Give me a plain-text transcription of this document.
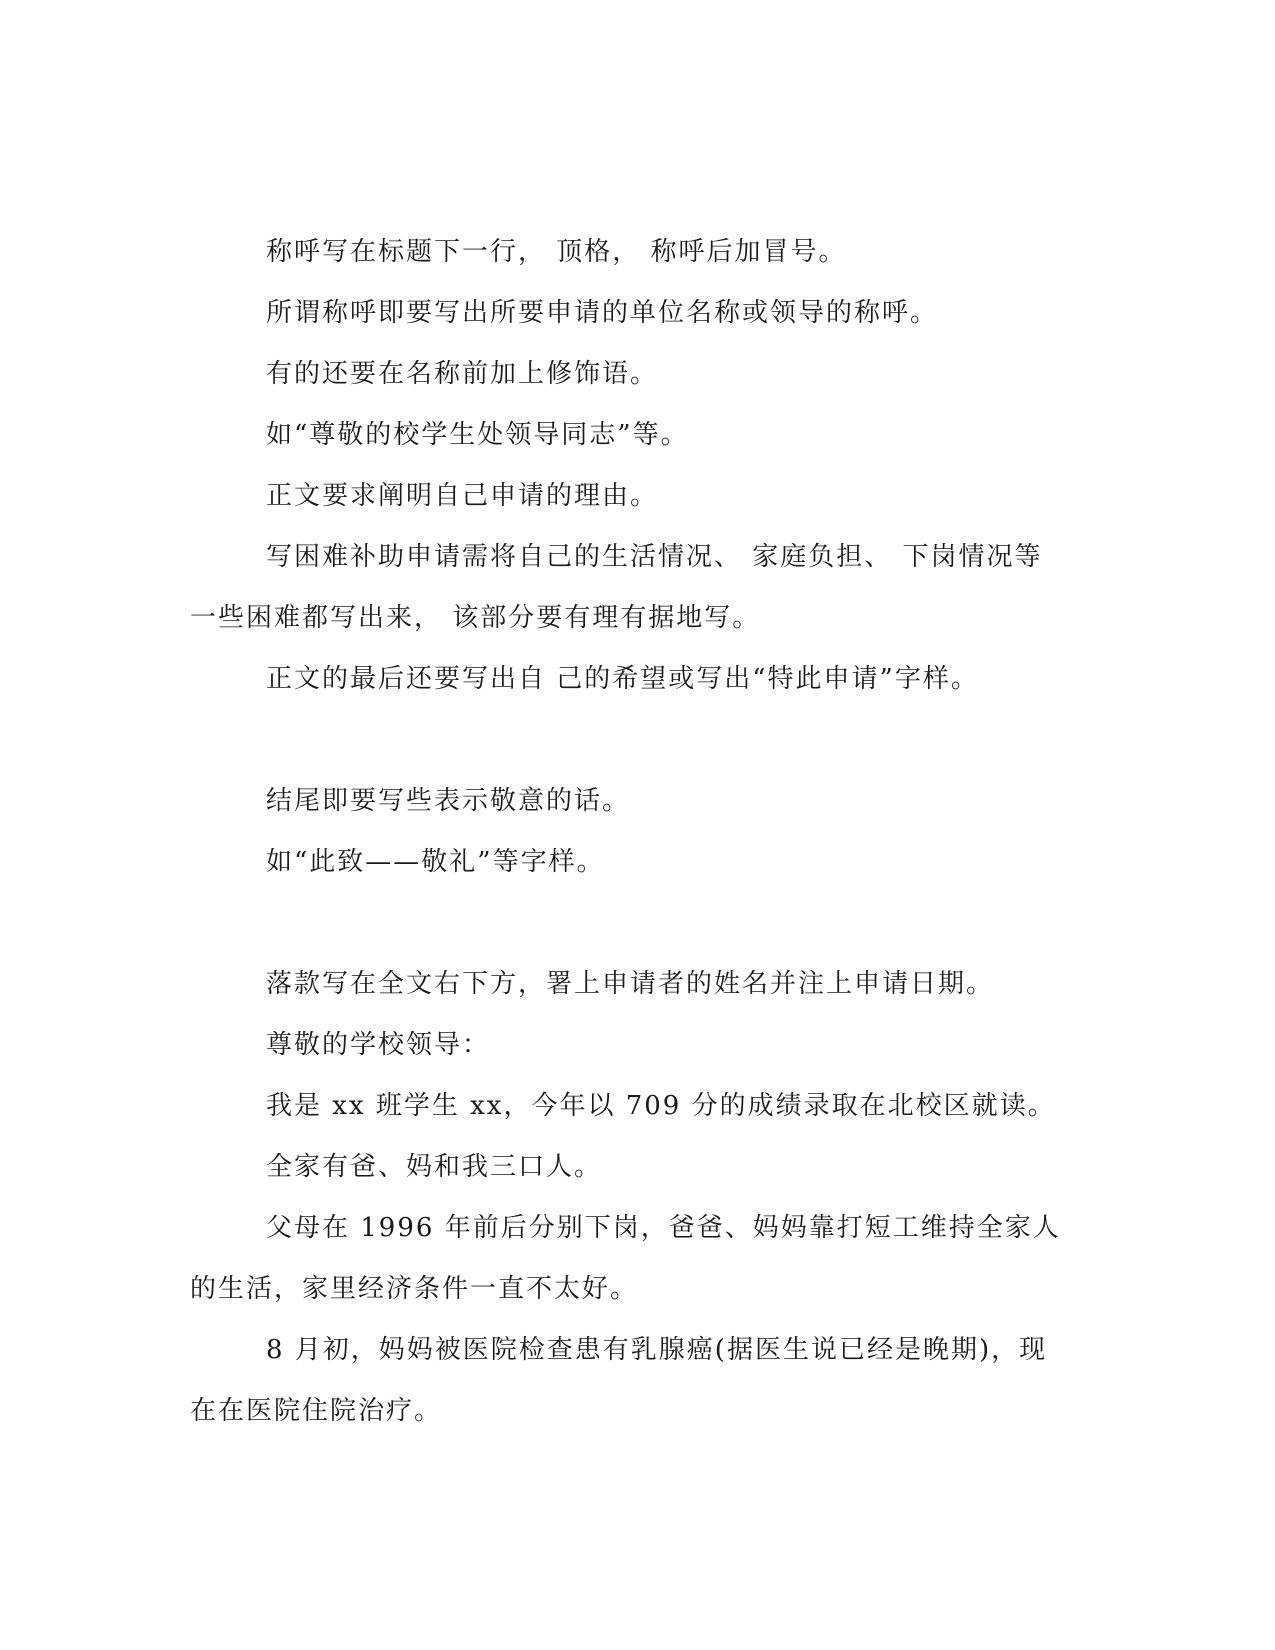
称呼写在标题下一行， 顶格， 称呼后加冒号。

所谓称呼即要写出所要申请的单位名称或领导的称呼。

有的还要在名称前加上修饰语。

如“尊敬的校学生处领导同志”等。

正文要求阐明自己申请的理由。

写困难补助申请需将自己的生活情况、 家庭负担、 下岗情况等一些困难都写出来， 该部分要有理有据地写。

正文的最后还要写出自 己的希望或写出“特此申请”字样。

结尾即要写些表示敬意的话。

如“此致——敬礼”等字样。

落款写在全文右下方，署上申请者的姓名并注上申请日期。

尊敬的学校领导：

我是 xx 班学生 xx，今年以 709 分的成绩录取在北校区就读。

全家有爸、妈和我三口人。

父母在 1996 年前后分别下岗，爸爸、妈妈靠打短工维持全家人的生活，家里经济条件一直不太好。

8 月初，妈妈被医院检查患有乳腺癌(据医生说已经是晚期)，现在在医院住院治疗。
